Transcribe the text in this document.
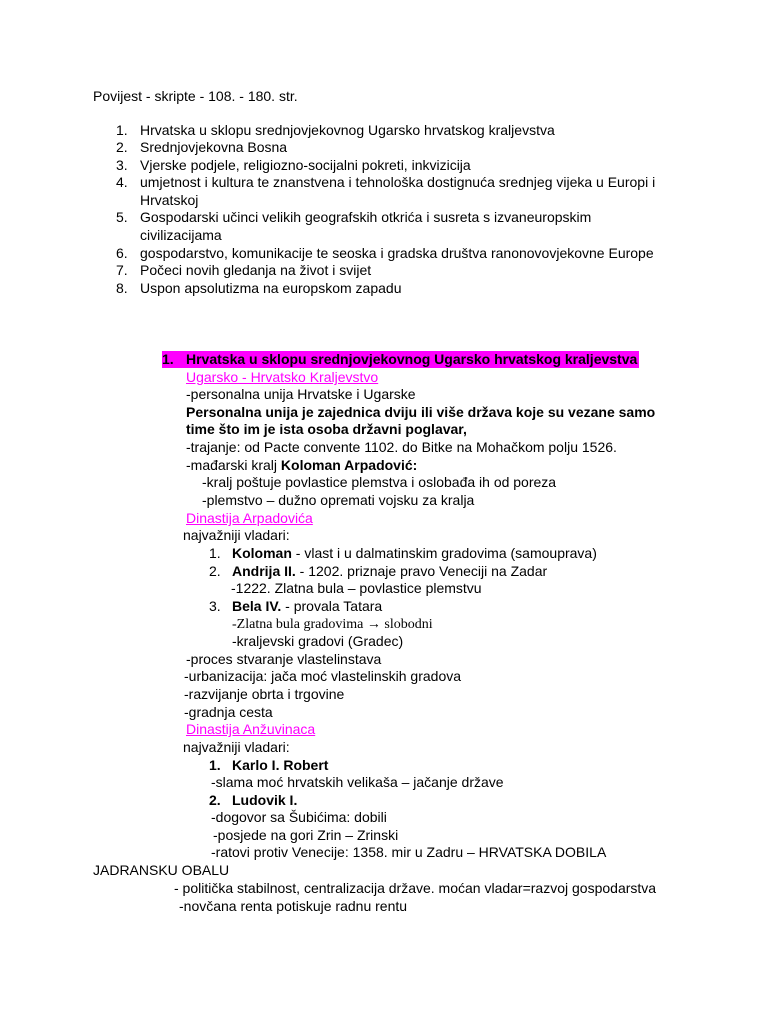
Povijest - skripte - 108. - 180. str.
1. Hrvatska u sklopu srednjovjekovnog Ugarsko hrvatskog kraljevstva
2. Srednjovjekovna Bosna
3. Vjerske podjele, religiozno-socijalni pokreti, inkvizicija
4. umjetnost i kultura te znanstvena i tehnološka dostignuća srednjeg vijeka u Europi i
Hrvatskoj
5. Gospodarski učinci velikih geografskih otkrića i susreta s izvaneuropskim
civilizacijama
6. gospodarstvo, komunikacije te seoska i gradska društva ranonovovjekovne Europe
7. Počeci novih gledanja na život i svijet
8. Uspon apsolutizma na europskom zapadu
1. Hrvatska u sklopu srednjovjekovnog Ugarsko hrvatskog kraljevstva
Ugarsko - Hrvatsko Kraljevstvo
-personalna unija Hrvatske i Ugarske
Personalna unija je zajednica dviju ili više država koje su vezane samo
time što im je ista osoba državni poglavar,
-trajanje: od Pacte convente 1102. do Bitke na Mohačkom polju 1526.
-mađarski kralj Koloman Arpadović:
-kralj poštuje povlastice plemstva i oslobađa ih od poreza
-plemstvo – dužno opremati vojsku za kralja
Dinastija Arpadovića
najvažniji vladari:
1. Koloman - vlast i u dalmatinskim gradovima (samouprava)
2. Andrija II. - 1202. priznaje pravo Veneciji na Zadar
-1222. Zlatna bula – povlastice plemstvu
3. Bela IV. - provala Tatara
-Zlatna bula gradovima → slobodni
-kraljevski gradovi (Gradec)
-proces stvaranje vlastelinstava
-urbanizacija: jača moć vlastelinskih gradova
-razvijanje obrta i trgovine
-gradnja cesta
Dinastija Anžuvinaca
najvažniji vladari:
1. Karlo I. Robert
-slama moć hrvatskih velikaša – jačanje države
2. Ludovik I.
-dogovor sa Šubićima: dobili
-posjede na gori Zrin – Zrinski
-ratovi protiv Venecije: 1358. mir u Zadru – HRVATSKA DOBILA
JADRANSKU OBALU
- politička stabilnost, centralizacija države. moćan vladar=razvoj gospodarstva
-novčana renta potiskuje radnu rentu
